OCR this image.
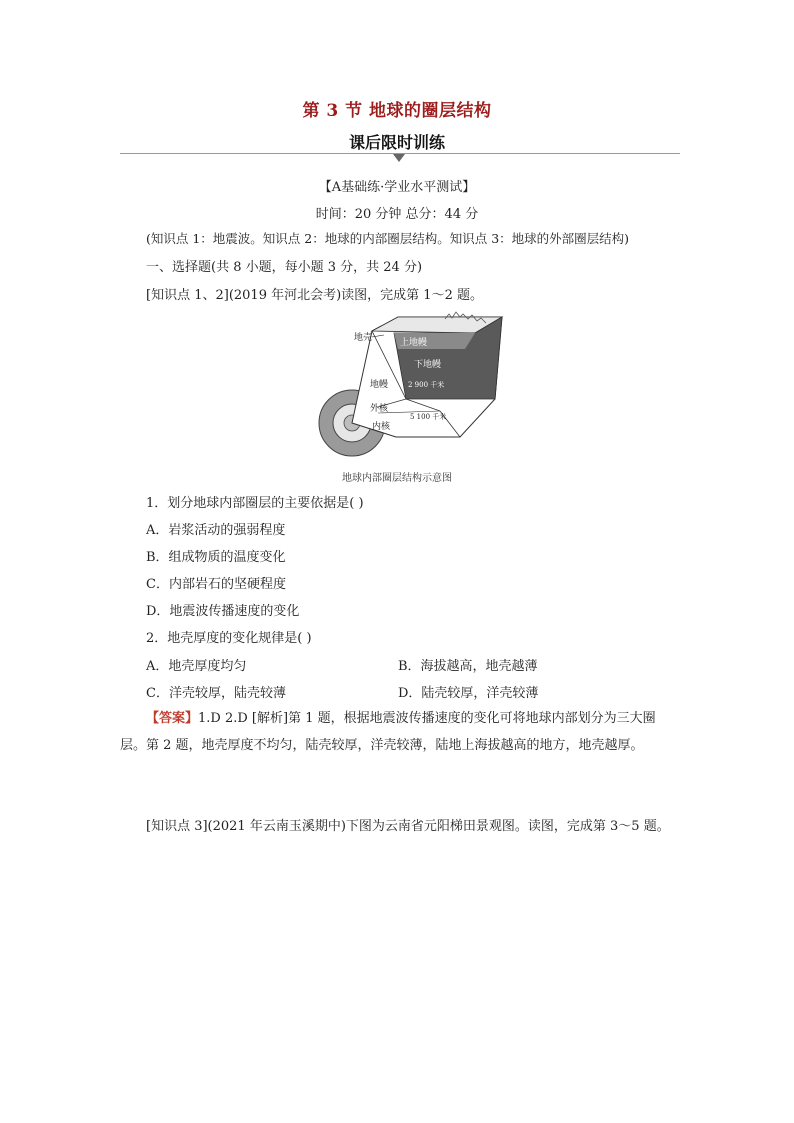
第 3 节 地球的圈层结构
课后限时训练
【A基础练·学业水平测试】
时间：20 分钟 总分：44 分
(知识点 1：地震波。知识点 2：地球的内部圈层结构。知识点 3：地球的外部圈层结构)
一、选择题(共 8 小题，每小题 3 分，共 24 分)
[知识点 1、2](2019 年河北会考)读图，完成第 1～2 题。
地壳	上地幔
下地幔
地幔	2 900 千米
外核
5 100 千米
内核
地球内部圈层结构示意图
1．划分地球内部圈层的主要依据是( )
A．岩浆活动的强弱程度
B．组成物质的温度变化
C．内部岩石的坚硬程度
D．地震波传播速度的变化
2．地壳厚度的变化规律是( )
A．地壳厚度均匀	B．海拔越高，地壳越薄
C．洋壳较厚，陆壳较薄	D．陆壳较厚，洋壳较薄
【答案】1.D 2.D [解析]第 1 题，根据地震波传播速度的变化可将地球内部划分为三大圈层。第 2 题，地壳厚度不均匀，陆壳较厚，洋壳较薄，陆地上海拔越高的地方，地壳越厚。
[知识点 3](2021 年云南玉溪期中)下图为云南省元阳梯田景观图。读图，完成第 3～5 题。
